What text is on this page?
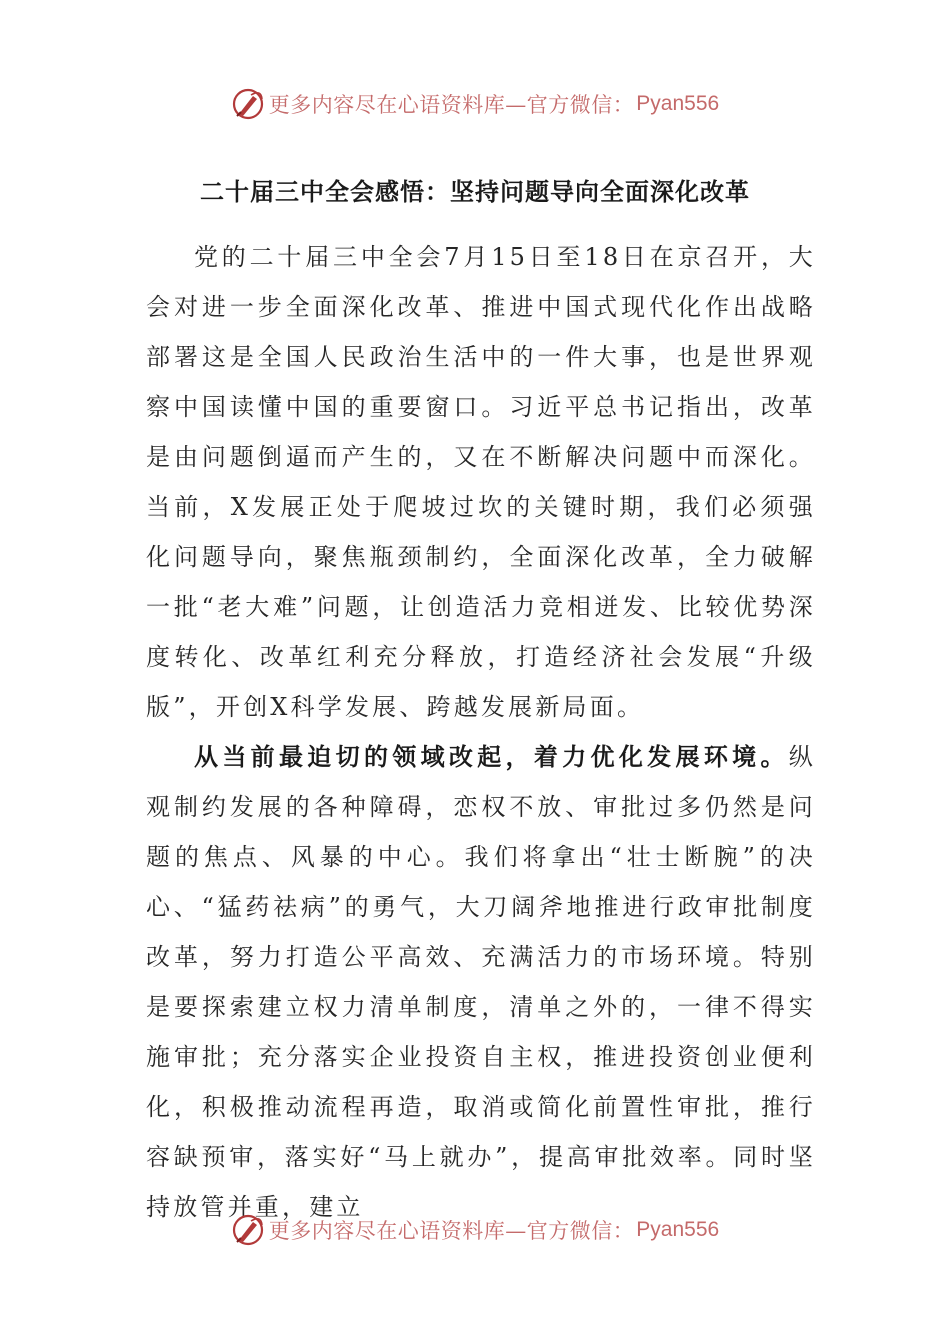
更多内容尽在心语资料库—官方微信： Pyan556
二十届三中全会感悟：坚持问题导向全面深化改革

党的二十届三中全会7月15日至18日在京召开，大会对进一步全面深化改革、推进中国式现代化作出战略部署这是全国人民政治生活中的一件大事，也是世界观察中国读懂中国的重要窗口。习近平总书记指出，改革是由问题倒逼而产生的，又在不断解决问题中而深化。当前，X发展正处于爬坡过坎的关键时期，我们必须强化问题导向，聚焦瓶颈制约，全面深化改革，全力破解一批“老大难”问题，让创造活力竞相迸发、比较优势深度转化、改革红利充分释放，打造经济社会发展“升级版”，开创X科学发展、跨越发展新局面。

从当前最迫切的领域改起，着力优化发展环境。纵观制约发展的各种障碍，恋权不放、审批过多仍然是问题的焦点、风暴的中心。我们将拿出“壮士断腕”的决心、“猛药祛病”的勇气，大刀阔斧地推进行政审批制度改革，努力打造公平高效、充满活力的市场环境。特别是要探索建立权力清单制度，清单之外的，一律不得实施审批；充分落实企业投资自主权，推进投资创业便利化，积极推动流程再造，取消或简化前置性审批，推行容缺预审，落实好“马上就办”，提高审批效率。同时坚持放管并重，建立

更多内容尽在心语资料库—官方微信： Pyan556
